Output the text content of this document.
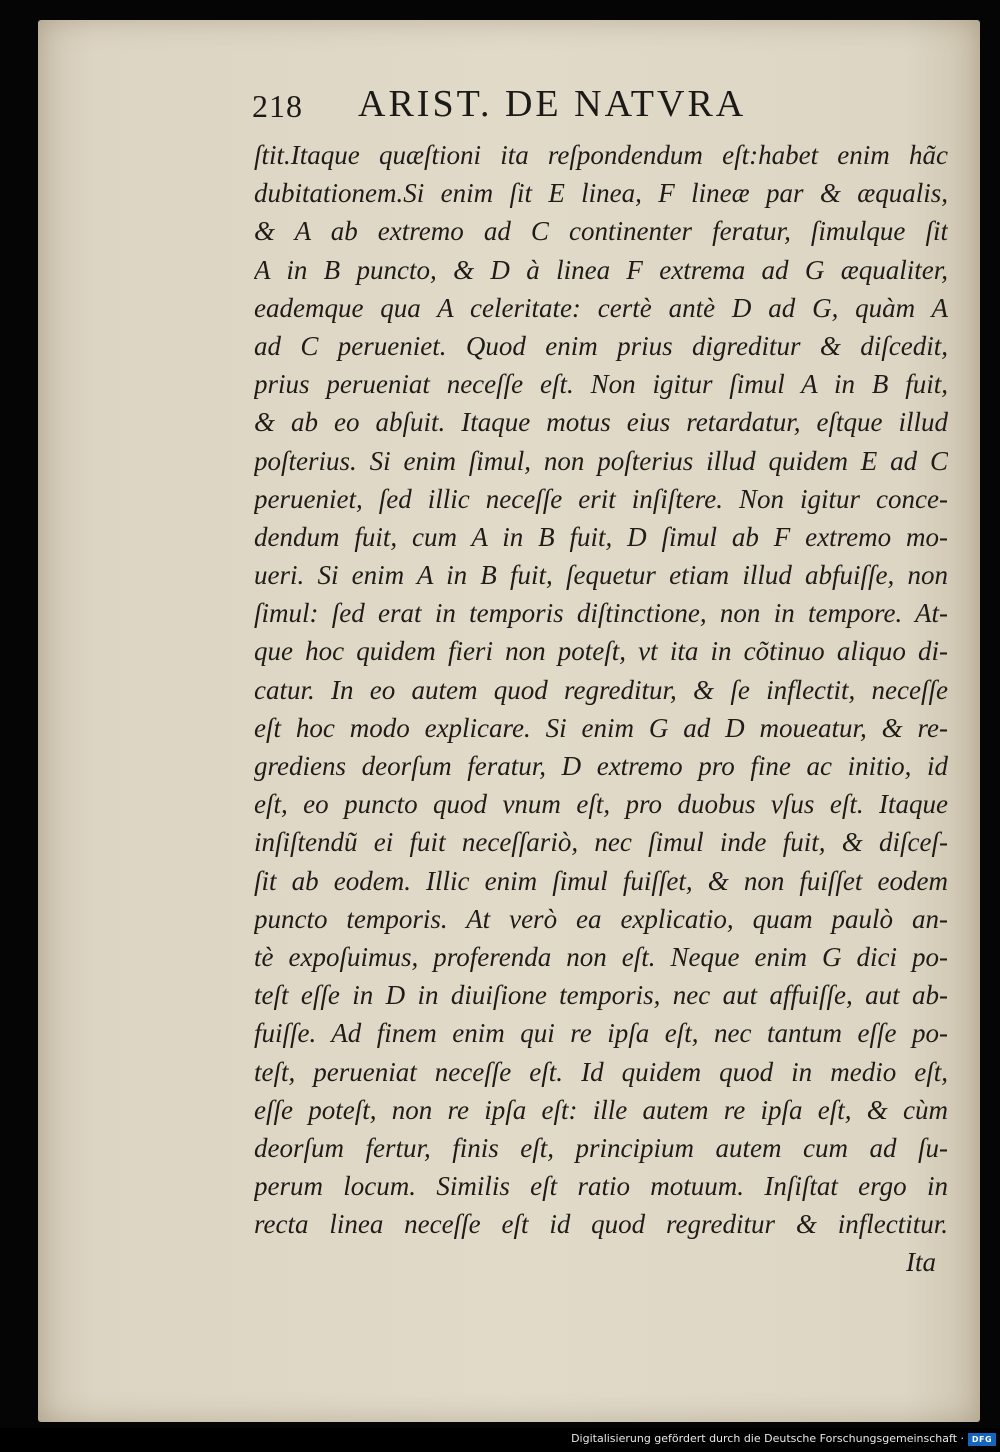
218 ARIST. DE NATVRA
ſtit.Itaque quæſtioni ita reſpondendum eſt:habet enim hãc
dubitationem.Si enim ſit E linea, F lineæ par & æqualis,
& A ab extremo ad C continenter feratur, ſimulque ſit
A in B puncto, & D à linea F extrema ad G æqualiter,
eademque qua A celeritate: certè antè D ad G, quàm A
ad C perueniet. Quod enim prius digreditur & diſcedit,
prius perueniat neceſſe eſt. Non igitur ſimul A in B fuit,
& ab eo abſuit. Itaque motus eius retardatur, eſtque illud
poſterius. Si enim ſimul, non poſterius illud quidem E ad C
perueniet, ſed illic neceſſe erit inſiſtere. Non igitur conce-
dendum fuit, cum A in B fuit, D ſimul ab F extremo mo-
ueri. Si enim A in B fuit, ſequetur etiam illud abfuiſſe, non
ſimul: ſed erat in temporis diſtinctione, non in tempore. At-
que hoc quidem fieri non poteſt, vt ita in cõtinuo aliquo di-
catur. In eo autem quod regreditur, & ſe inflectit, neceſſe
eſt hoc modo explicare. Si enim G ad D moueatur, & re-
grediens deorſum feratur, D extremo pro fine ac initio, id
eſt, eo puncto quod vnum eſt, pro duobus vſus eſt. Itaque
inſiſtendũ ei fuit neceſſariò, nec ſimul inde fuit, & diſceſ-
ſit ab eodem. Illic enim ſimul fuiſſet, & non fuiſſet eodem
puncto temporis. At verò ea explicatio, quam paulò an-
tè expoſuimus, proferenda non eſt. Neque enim G dici po-
teſt eſſe in D in diuiſione temporis, nec aut affuiſſe, aut ab-
fuiſſe. Ad finem enim qui re ipſa eſt, nec tantum eſſe po-
teſt, perueniat neceſſe eſt. Id quidem quod in medio eſt,
eſſe poteſt, non re ipſa eſt: ille autem re ipſa eſt, & cùm
deorſum fertur, finis eſt, principium autem cum ad ſu-
perum locum. Similis eſt ratio motuum. Inſiſtat ergo in
recta linea neceſſe eſt id quod regreditur & inflectitur.
Ita
Digitalisierung gefördert durch die Deutsche Forschungsgemeinschaft · DFG
